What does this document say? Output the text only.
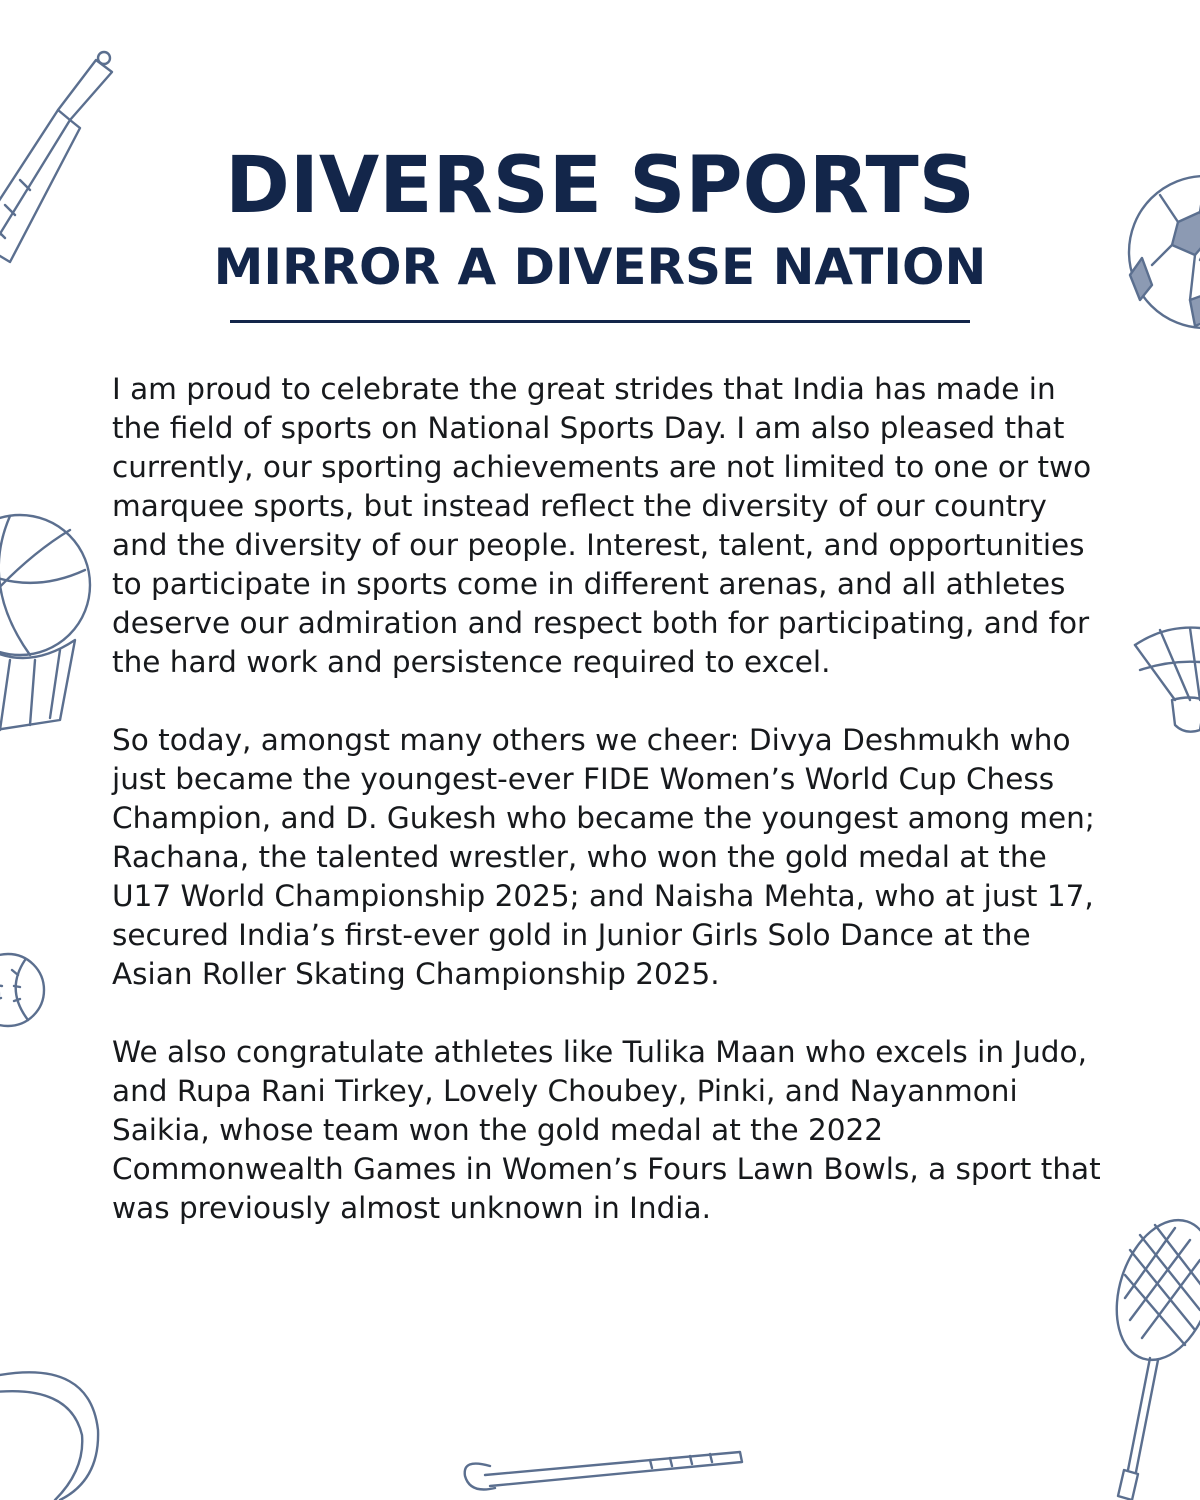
DIVERSE SPORTS
MIRROR A DIVERSE NATION

I am proud to celebrate the great strides that India has made in the field of sports on National Sports Day. I am also pleased that currently, our sporting achievements are not limited to one or two marquee sports, but instead reflect the diversity of our country and the diversity of our people. Interest, talent, and opportunities to participate in sports come in different arenas, and all athletes deserve our admiration and respect both for participating, and for the hard work and persistence required to excel.

So today, amongst many others we cheer: Divya Deshmukh who just became the youngest-ever FIDE Women’s World Cup Chess Champion, and D. Gukesh who became the youngest among men; Rachana, the talented wrestler, who won the gold medal at the U17 World Championship 2025; and Naisha Mehta, who at just 17, secured India’s first-ever gold in Junior Girls Solo Dance at the Asian Roller Skating Championship 2025.

We also congratulate athletes like Tulika Maan who excels in Judo, and Rupa Rani Tirkey, Lovely Choubey, Pinki, and Nayanmoni Saikia, whose team won the gold medal at the 2022 Commonwealth Games in Women’s Fours Lawn Bowls, a sport that was previously almost unknown in India.
